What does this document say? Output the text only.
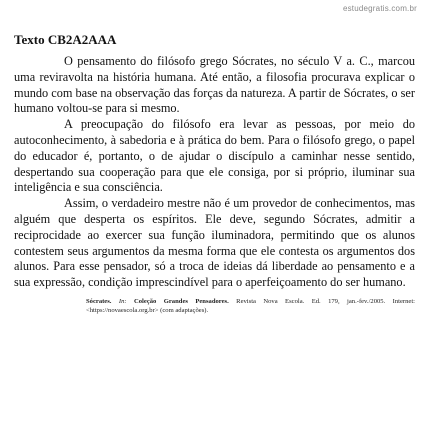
estudegratis.com.br
Texto CB2A2AAA

O pensamento do filósofo grego Sócrates, no século V a. C., marcou uma reviravolta na história humana. Até então, a filosofia procurava explicar o mundo com base na observação das forças da natureza. A partir de Sócrates, o ser humano voltou-se para si mesmo.

A preocupação do filósofo era levar as pessoas, por meio do autoconhecimento, à sabedoria e à prática do bem. Para o filósofo grego, o papel do educador é, portanto, o de ajudar o discípulo a caminhar nesse sentido, despertando sua cooperação para que ele consiga, por si próprio, iluminar sua inteligência e sua consciência.

Assim, o verdadeiro mestre não é um provedor de conhecimentos, mas alguém que desperta os espíritos. Ele deve, segundo Sócrates, admitir a reciprocidade ao exercer sua função iluminadora, permitindo que os alunos contestem seus argumentos da mesma forma que ele contesta os argumentos dos alunos. Para esse pensador, só a troca de ideias dá liberdade ao pensamento e a sua expressão, condição imprescindível para o aperfeiçoamento do ser humano.

Sócrates. In: Coleção Grandes Pensadores. Revista Nova Escola. Ed. 179, jan.-fev./2005. Internet: <https://novaescola.org.br> (com adaptações).
